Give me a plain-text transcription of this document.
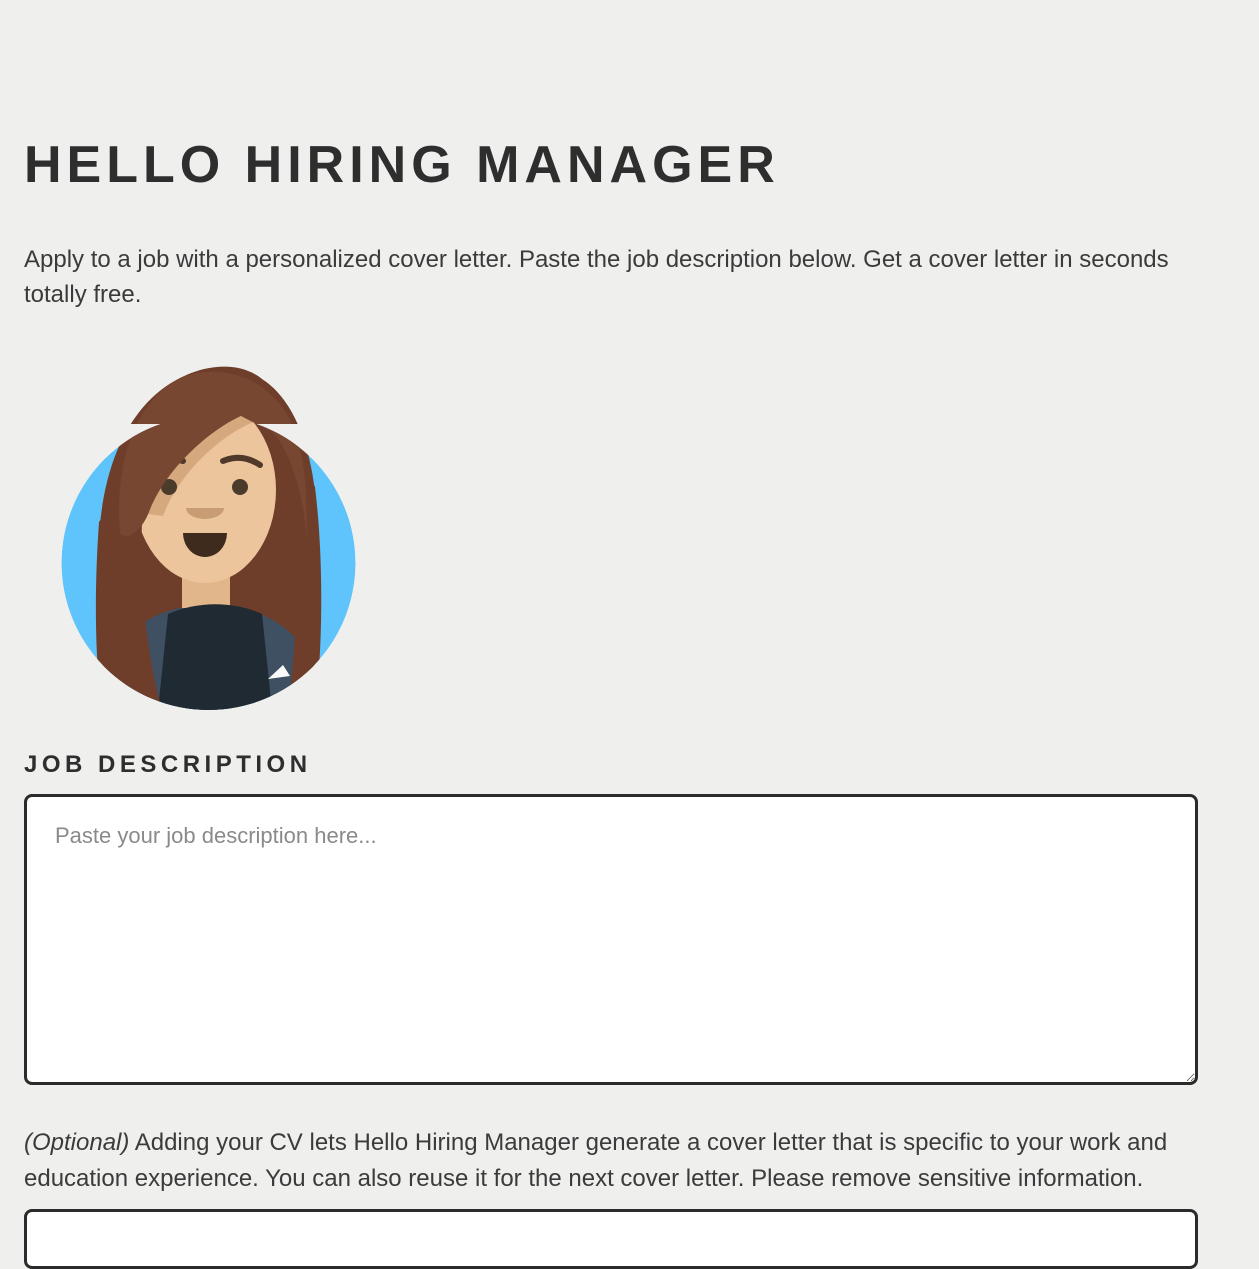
HELLO HIRING MANAGER

Apply to a job with a personalized cover letter. Paste the job description below. Get a cover letter in seconds totally free.

JOB DESCRIPTION
Paste your job description here...

(Optional) Adding your CV lets Hello Hiring Manager generate a cover letter that is specific to your work and education experience. You can also reuse it for the next cover letter. Please remove sensitive information.
